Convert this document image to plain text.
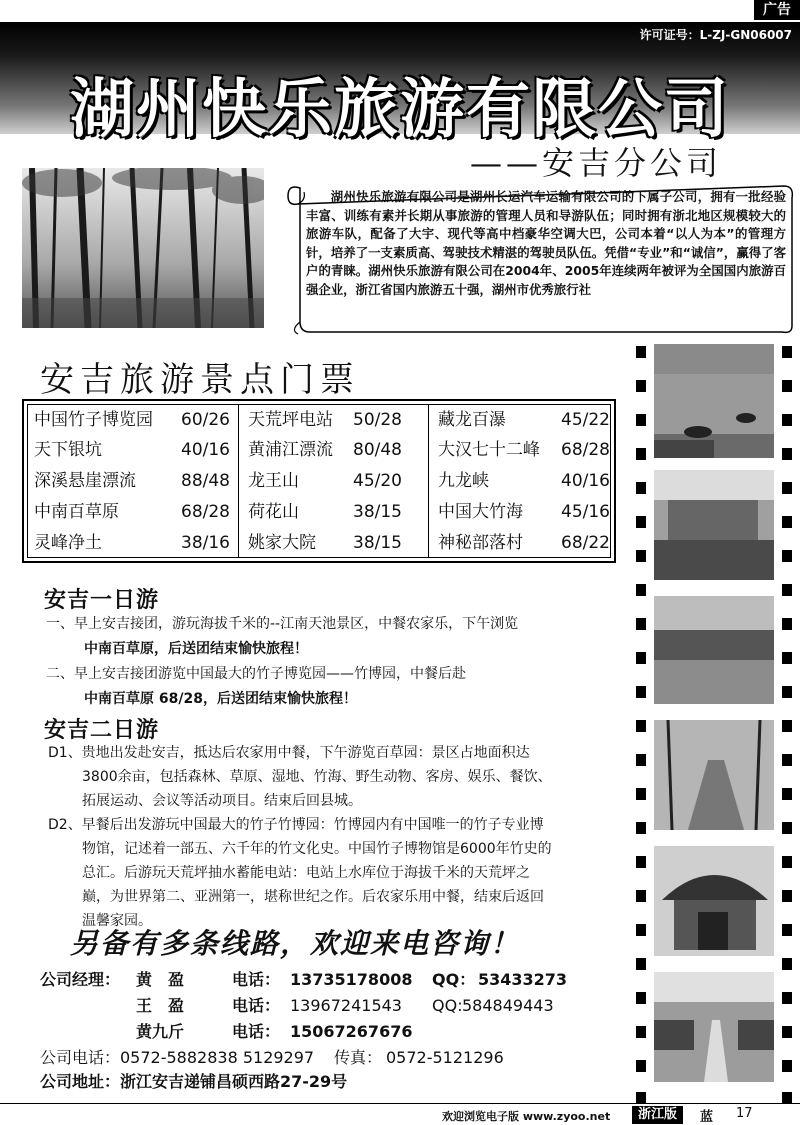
广告
许可证号：L-ZJ-GN06007
湖州快乐旅游有限公司
——安吉分公司
湖州快乐旅游有限公司是湖州长运汽车运输有限公司的下属子公司，拥有一批经验丰富、训练有素并长期从事旅游的管理人员和导游队伍；同时拥有浙北地区规模较大的旅游车队，配备了大宇、现代等高中档豪华空调大巴，公司本着“以人为本”的管理方针，培养了一支素质高、驾驶技术精湛的驾驶员队伍。凭借“专业”和“诚信”，赢得了客户的青睐。湖州快乐旅游有限公司在2004年、2005年连续两年被评为全国国内旅游百强企业，浙江省国内旅游五十强，湖州市优秀旅行社
安吉旅游景点门票
中国竹子博览园 60/26 天荒坪电站 50/28 藏龙百瀑	45/22
天下银坑	40/16 黄浦江漂流 80/48 大汉七十二峰 68/28
深溪悬崖漂流	88/48 龙王山	45/20 九龙峡	40/16
中南百草原	68/28 荷花山	38/15 中国大竹海 45/16
灵峰净土	38/16 姚家大院 38/15 神秘部落村 68/22
安吉一日游
一、早上安吉接团，游玩海拔千米的--江南天池景区，中餐农家乐，下午浏览
中南百草原，后送团结束愉快旅程！
二、早上安吉接团游览中国最大的竹子博览园——竹博园，中餐后赴
中南百草原 68/28，后送团结束愉快旅程！
安吉二日游
D1、贵地出发赴安吉，抵达后农家用中餐，下午游览百草园：景区占地面积达
3800余亩，包括森林、草原、湿地、竹海、野生动物、客房、娱乐、餐饮、
拓展运动、会议等活动项目。结束后回县城。
D2、早餐后出发游玩中国最大的竹子竹博园：竹博园内有中国唯一的竹子专业博
物馆，记述着一部五、六千年的竹文化史。中国竹子博物馆是6000年竹史的
总汇。后游玩天荒坪抽水蓄能电站：电站上水库位于海拔千米的天荒坪之
巅，为世界第二、亚洲第一，堪称世纪之作。后农家乐用中餐，结束后返回
温馨家园。
另备有多条线路，欢迎来电咨询！
公司经理： 黄　盈	电话： 13735178008 QQ： 53433273
王　盈	电话： 13967241543 QQ: 584849443
黄九斤	电话： 15067267676
公司电话： 0572-5882838 5129297 传真： 0572-5121296
公司地址： 浙江安吉递铺昌硕西路27-29号
欢迎浏览电子版 www.zyoo.net	浙江版	蓝 17
